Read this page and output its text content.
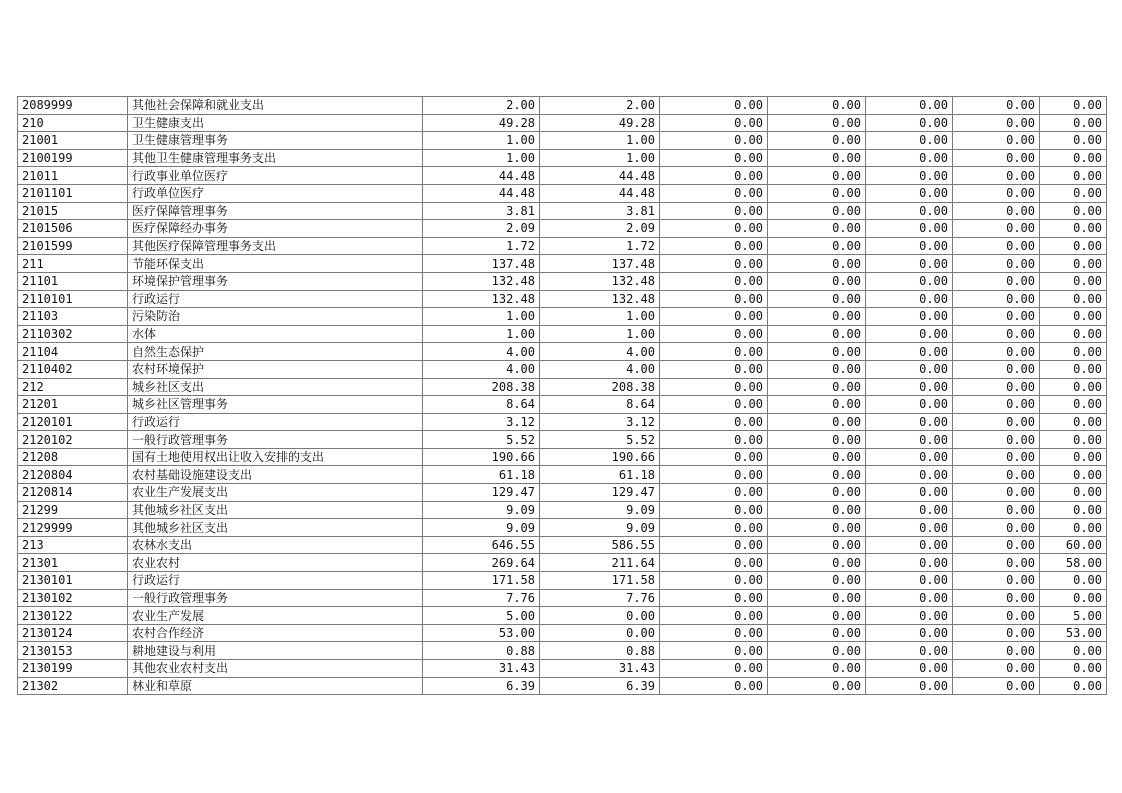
2089999	其他社会保障和就业支出	2.00	2.00	0.00	0.00	0.00	0.00	0.00
210	卫生健康支出	49.28	49.28	0.00	0.00	0.00	0.00	0.00
21001	卫生健康管理事务	1.00	1.00	0.00	0.00	0.00	0.00	0.00
2100199	其他卫生健康管理事务支出	1.00	1.00	0.00	0.00	0.00	0.00	0.00
21011	行政事业单位医疗	44.48	44.48	0.00	0.00	0.00	0.00	0.00
2101101	行政单位医疗	44.48	44.48	0.00	0.00	0.00	0.00	0.00
21015	医疗保障管理事务	3.81	3.81	0.00	0.00	0.00	0.00	0.00
2101506	医疗保障经办事务	2.09	2.09	0.00	0.00	0.00	0.00	0.00
2101599	其他医疗保障管理事务支出	1.72	1.72	0.00	0.00	0.00	0.00	0.00
211	节能环保支出	137.48	137.48	0.00	0.00	0.00	0.00	0.00
21101	环境保护管理事务	132.48	132.48	0.00	0.00	0.00	0.00	0.00
2110101	行政运行	132.48	132.48	0.00	0.00	0.00	0.00	0.00
21103	污染防治	1.00	1.00	0.00	0.00	0.00	0.00	0.00
2110302	水体	1.00	1.00	0.00	0.00	0.00	0.00	0.00
21104	自然生态保护	4.00	4.00	0.00	0.00	0.00	0.00	0.00
2110402	农村环境保护	4.00	4.00	0.00	0.00	0.00	0.00	0.00
212	城乡社区支出	208.38	208.38	0.00	0.00	0.00	0.00	0.00
21201	城乡社区管理事务	8.64	8.64	0.00	0.00	0.00	0.00	0.00
2120101	行政运行	3.12	3.12	0.00	0.00	0.00	0.00	0.00
2120102	一般行政管理事务	5.52	5.52	0.00	0.00	0.00	0.00	0.00
21208	国有土地使用权出让收入安排的支出	190.66	190.66	0.00	0.00	0.00	0.00	0.00
2120804	农村基础设施建设支出	61.18	61.18	0.00	0.00	0.00	0.00	0.00
2120814	农业生产发展支出	129.47	129.47	0.00	0.00	0.00	0.00	0.00
21299	其他城乡社区支出	9.09	9.09	0.00	0.00	0.00	0.00	0.00
2129999	其他城乡社区支出	9.09	9.09	0.00	0.00	0.00	0.00	0.00
213	农林水支出	646.55	586.55	0.00	0.00	0.00	0.00	60.00
21301	农业农村	269.64	211.64	0.00	0.00	0.00	0.00	58.00
2130101	行政运行	171.58	171.58	0.00	0.00	0.00	0.00	0.00
2130102	一般行政管理事务	7.76	7.76	0.00	0.00	0.00	0.00	0.00
2130122	农业生产发展	5.00	0.00	0.00	0.00	0.00	0.00	5.00
2130124	农村合作经济	53.00	0.00	0.00	0.00	0.00	0.00	53.00
2130153	耕地建设与利用	0.88	0.88	0.00	0.00	0.00	0.00	0.00
2130199	其他农业农村支出	31.43	31.43	0.00	0.00	0.00	0.00	0.00
21302	林业和草原	6.39	6.39	0.00	0.00	0.00	0.00	0.00
